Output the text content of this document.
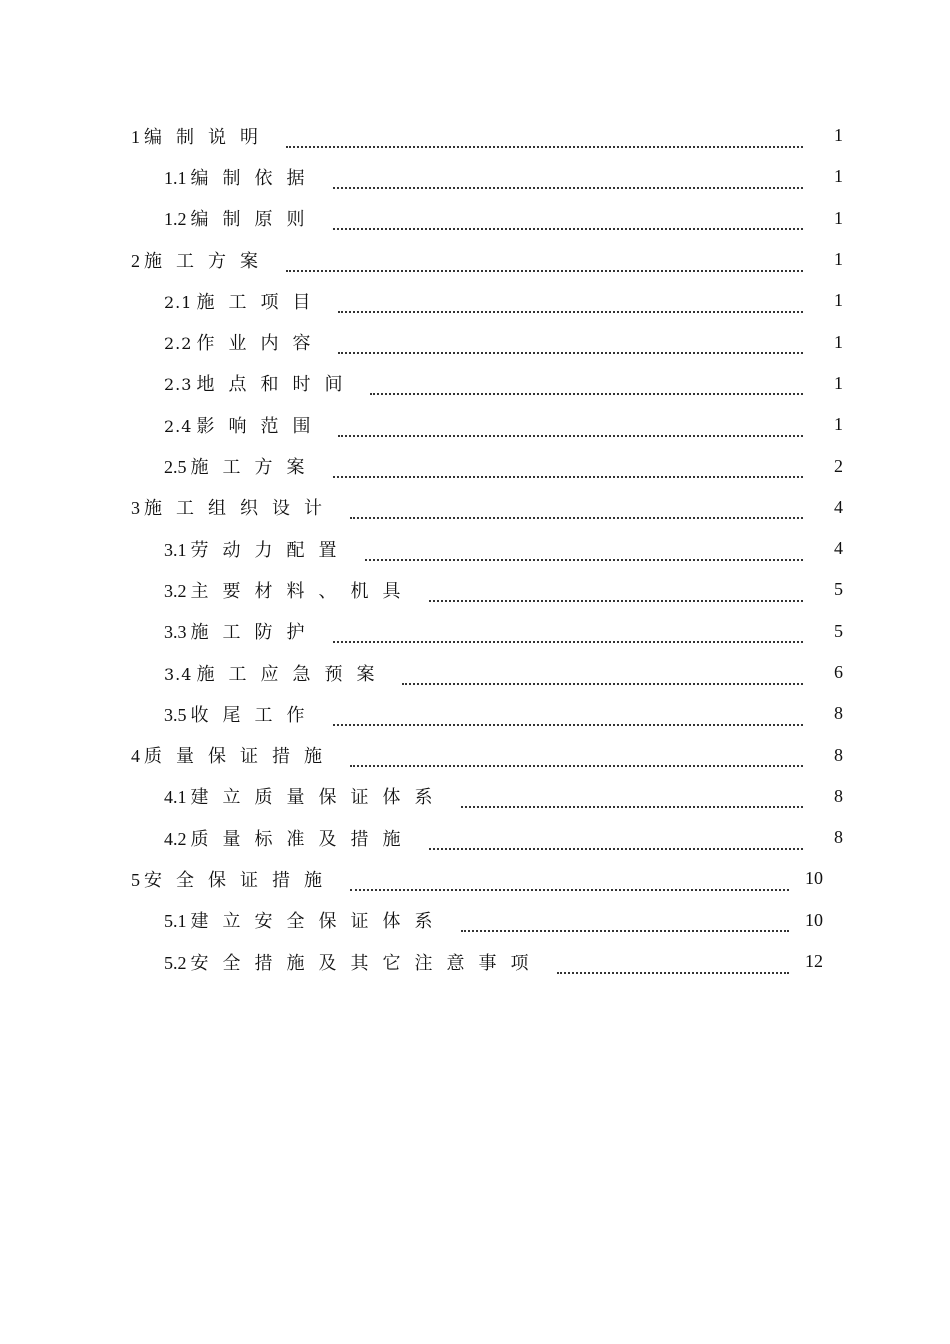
1 编制说明	1
1.1 编制依据	1
1.2 编制原则	1
2 施工方案	1
2.1 施工项目	1
2.2 作业内容	1
2.3 地点和时间	1
2.4 影响范围	1
2.5 施工方案	2
3 施工组织设计	4
3.1 劳动力配置	4
3.2 主要材料、机具	5
3.3 施工防护	5
3.4 施工应急预案	6
3.5 收尾工作	8
4 质量保证措施	8
4.1 建立质量保证体系	8
4.2 质量标准及措施	8
5 安全保证措施	10
5.1 建立安全保证体系	10
5.2 安全措施及其它注意事项	12
